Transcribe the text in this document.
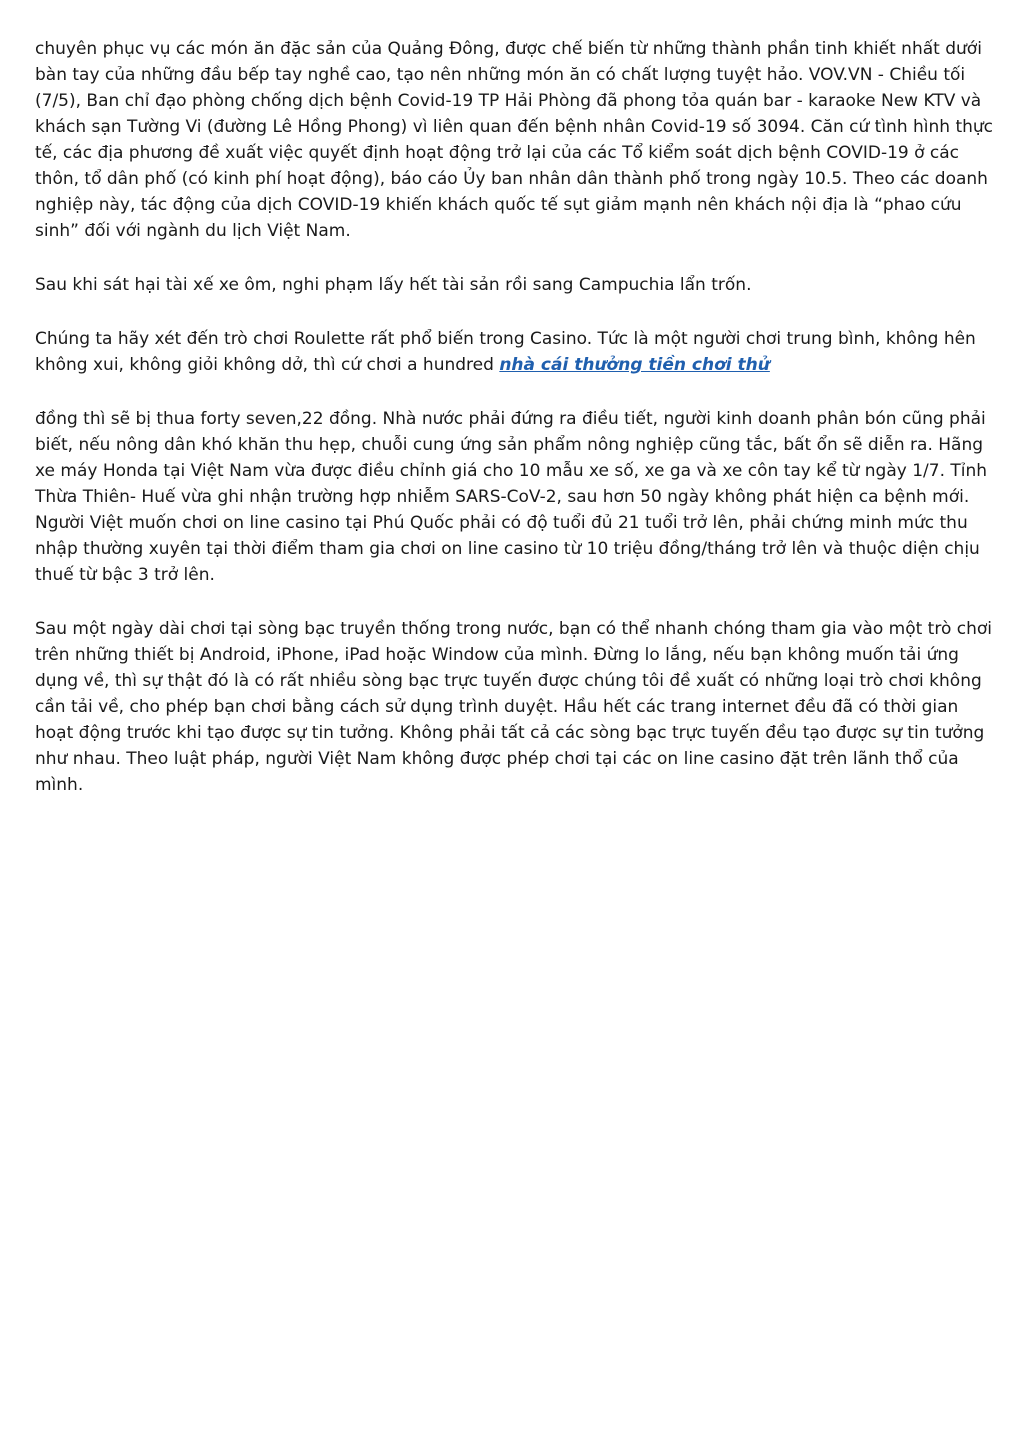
chuyên phục vụ các món ăn đặc sản của Quảng Đông, được chế biến từ những thành phần tinh khiết nhất dưới bàn tay của những đầu bếp tay nghề cao, tạo nên những món ăn có chất lượng tuyệt hảo. VOV.VN - Chiều tối (7/5), Ban chỉ đạo phòng chống dịch bệnh Covid-19 TP Hải Phòng đã phong tỏa quán bar - karaoke New KTV và khách sạn Tường Vi (đường Lê Hồng Phong) vì liên quan đến bệnh nhân Covid-19 số 3094. Căn cứ tình hình thực tế, các địa phương đề xuất việc quyết định hoạt động trở lại của các Tổ kiểm soát dịch bệnh COVID-19 ở các thôn, tổ dân phố (có kinh phí hoạt động), báo cáo Ủy ban nhân dân thành phố trong ngày 10.5. Theo các doanh nghiệp này, tác động của dịch COVID-19 khiến khách quốc tế sụt giảm mạnh nên khách nội địa là “phao cứu sinh” đối với ngành du lịch Việt Nam.

Sau khi sát hại tài xế xe ôm, nghi phạm lấy hết tài sản rồi sang Campuchia lẩn trốn.

Chúng ta hãy xét đến trò chơi Roulette rất phổ biến trong Casino. Tức là một người chơi trung bình, không hên không xui, không giỏi không dở, thì cứ chơi a hundred nhà cái thưởng tiền chơi thử

đồng thì sẽ bị thua forty seven,22 đồng. Nhà nước phải đứng ra điều tiết, người kinh doanh phân bón cũng phải biết, nếu nông dân khó khăn thu hẹp, chuỗi cung ứng sản phẩm nông nghiệp cũng tắc, bất ổn sẽ diễn ra. Hãng xe máy Honda tại Việt Nam vừa được điều chỉnh giá cho 10 mẫu xe số, xe ga và xe côn tay kể từ ngày 1/7. Tỉnh Thừa Thiên- Huế vừa ghi nhận trường hợp nhiễm SARS-CoV-2, sau hơn 50 ngày không phát hiện ca bệnh mới. Người Việt muốn chơi on line casino tại Phú Quốc phải có độ tuổi đủ 21 tuổi trở lên, phải chứng minh mức thu nhập thường xuyên tại thời điểm tham gia chơi on line casino từ 10 triệu đồng/tháng trở lên và thuộc diện chịu thuế từ bậc 3 trở lên.

Sau một ngày dài chơi tại sòng bạc truyền thống trong nước, bạn có thể nhanh chóng tham gia vào một trò chơi trên những thiết bị Android, iPhone, iPad hoặc Window của mình. Đừng lo lắng, nếu bạn không muốn tải ứng dụng về, thì sự thật đó là có rất nhiều sòng bạc trực tuyến được chúng tôi đề xuất có những loại trò chơi không cần tải về, cho phép bạn chơi bằng cách sử dụng trình duyệt. Hầu hết các trang internet đều đã có thời gian hoạt động trước khi tạo được sự tin tưởng. Không phải tất cả các sòng bạc trực tuyến đều tạo được sự tin tưởng như nhau. Theo luật pháp, người Việt Nam không được phép chơi tại các on line casino đặt trên lãnh thổ của mình.
